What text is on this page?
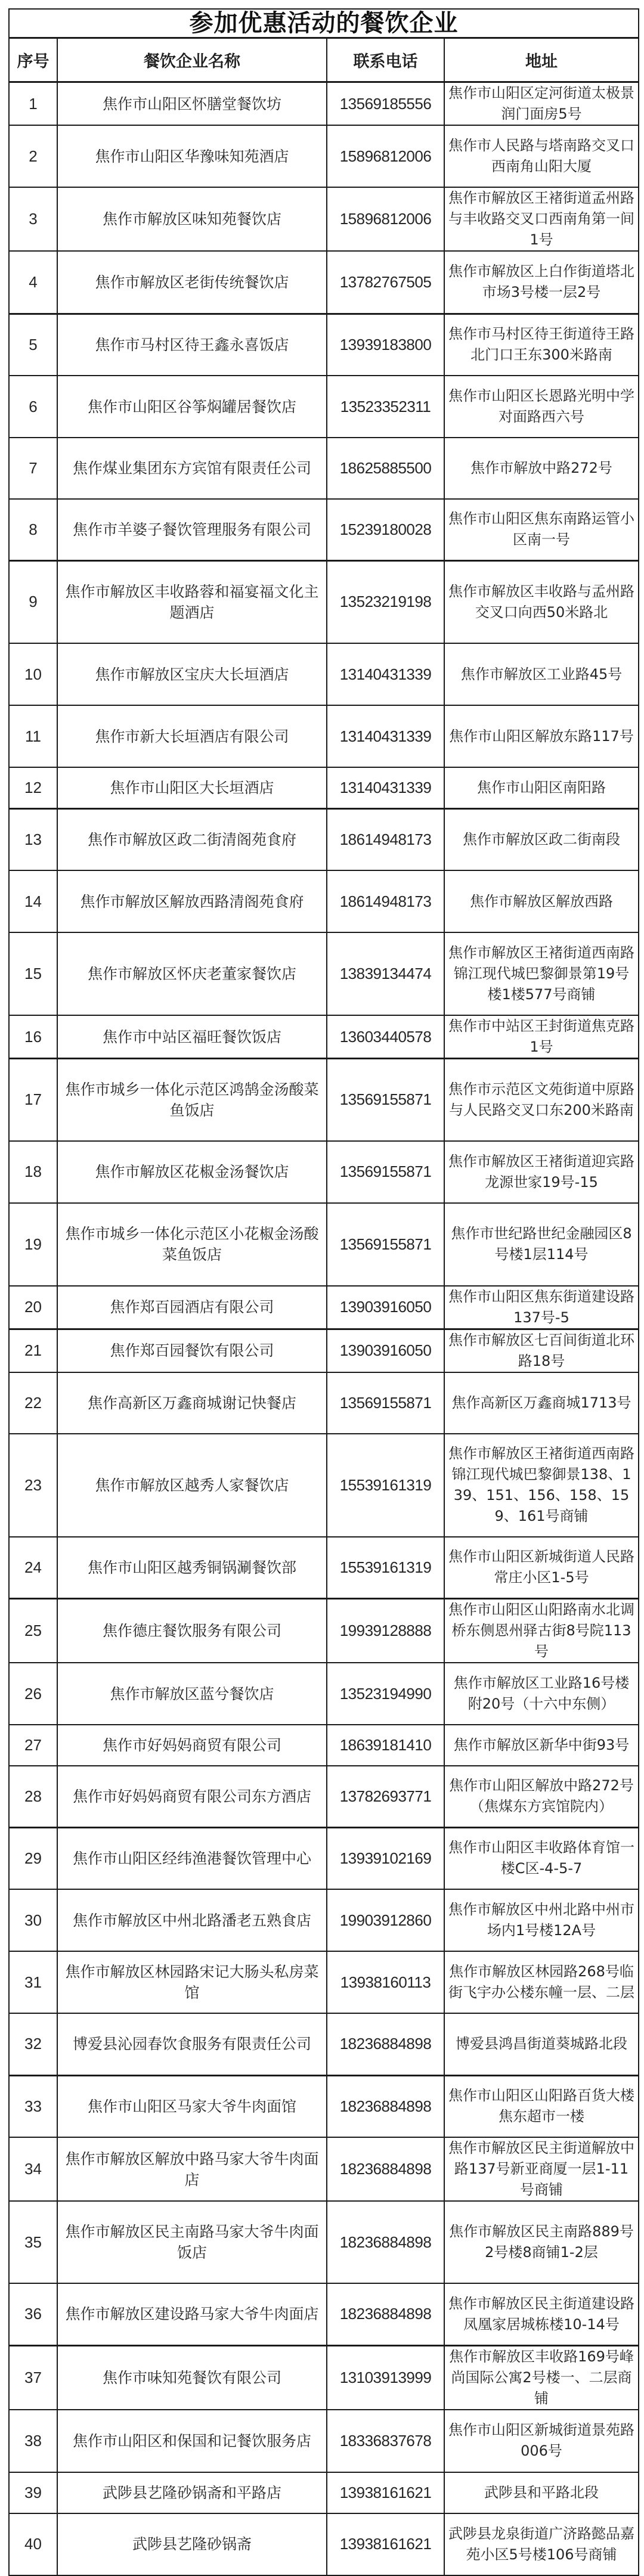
参加优惠活动的餐饮企业			
序号	餐饮企业名称	联系电话	地址
1	焦作市山阳区怀膳堂餐饮坊	13569185556	焦作市山阳区定河街道太极景润门面房5号
2	焦作市山阳区华豫味知苑酒店	15896812006	焦作市人民路与塔南路交叉口西南角山阳大厦
3	焦作市解放区味知苑餐饮店	15896812006	焦作市解放区王褚街道孟州路与丰收路交叉口西南角第一间1号
4	焦作市解放区老街传统餐饮店	13782767505	焦作市解放区上白作街道塔北市场3号楼一层2号
5	焦作市马村区待王鑫永喜饭店	13939183800	焦作市马村区待王街道待王路北门口王东300米路南
6	焦作市山阳区谷筝焖罐居餐饮店	13523352311	焦作市山阳区长恩路光明中学对面路西六号
7	焦作煤业集团东方宾馆有限责任公司	18625885500	焦作市解放中路272号
8	焦作市羊婆子餐饮管理服务有限公司	15239180028	焦作市山阳区焦东南路运管小区南一号
9	焦作市解放区丰收路蓉和福宴福文化主题酒店	13523219198	焦作市解放区丰收路与孟州路交叉口向西50米路北
10	焦作市解放区宝庆大长垣酒店	13140431339	焦作市解放区工业路45号
11	焦作市新大长垣酒店有限公司	13140431339	焦作市山阳区解放东路117号
12	焦作市山阳区大长垣酒店	13140431339	焦作市山阳区南阳路
13	焦作市解放区政二街清阁苑食府	18614948173	焦作市解放区政二街南段
14	焦作市解放区解放西路清阁苑食府	18614948173	焦作市解放区解放西路
15	焦作市解放区怀庆老董家餐饮店	13839134474	焦作市解放区王褚街道西南路锦江现代城巴黎御景第19号楼1楼577号商铺
16	焦作市中站区福旺餐饮饭店	13603440578	焦作市中站区王封街道焦克路1号
17	焦作市城乡一体化示范区鸿鹄金汤酸菜鱼饭店	13569155871	焦作市示范区文苑街道中原路与人民路交叉口东200米路南
18	焦作市解放区花椒金汤餐饮店	13569155871	焦作市解放区王褚街道迎宾路龙源世家19号-15
19	焦作市城乡一体化示范区小花椒金汤酸菜鱼饭店	13569155871	焦作市世纪路世纪金融园区8号楼1层114号
20	焦作郑百园酒店有限公司	13903916050	焦作市山阳区焦东街道建设路137号-5
21	焦作郑百园餐饮有限公司	13903916050	焦作市解放区七百间街道北环路18号
22	焦作高新区万鑫商城谢记快餐店	13569155871	焦作高新区万鑫商城1713号
23	焦作市解放区越秀人家餐饮店	15539161319	焦作市解放区王褚街道西南路锦江现代城巴黎御景138、139、151、156、158、159、161号商铺
24	焦作市山阳区越秀铜锅涮餐饮部	15539161319	焦作市山阳区新城街道人民路常庄小区1-5号
25	焦作德庄餐饮服务有限公司	19939128888	焦作市山阳区山阳路南水北调桥东侧恩州驿古街8号院113号
26	焦作市解放区蓝兮餐饮店	13523194990	焦作市解放区工业路16号楼附20号（十六中东侧）
27	焦作市好妈妈商贸有限公司	18639181410	焦作市解放区新华中街93号
28	焦作市好妈妈商贸有限公司东方酒店	13782693771	焦作市山阳区解放中路272号（焦煤东方宾馆院内）
29	焦作市山阳区经纬渔港餐饮管理中心	13939102169	焦作市山阳区丰收路体育馆一楼C区-4-5-7
30	焦作市解放区中州北路潘老五熟食店	19903912860	焦作市解放区中州北路中州市场内1号楼12A号
31	焦作市解放区林园路宋记大肠头私房菜馆	13938160113	焦作市解放区林园路268号临街飞宇办公楼东幢一层、二层
32	博爱县沁园春饮食服务有限责任公司	18236884898	博爱县鸿昌街道葵城路北段
33	焦作市山阳区马家大爷牛肉面馆	18236884898	焦作市山阳区山阳路百货大楼焦东超市一楼
34	焦作市解放区解放中路马家大爷牛肉面店	18236884898	焦作市解放区民主街道解放中路137号新亚商厦一层1-11号商铺
35	焦作市解放区民主南路马家大爷牛肉面饭店	18236884898	焦作市解放区民主南路889号2号楼8商铺1-2层
36	焦作市解放区建设路马家大爷牛肉面店	18236884898	焦作市解放区民主街道建设路凤凰家居城栋楼10-14号
37	焦作市味知苑餐饮有限公司	13103913999	焦作市解放区丰收路169号峰尚国际公寓2号楼一、二层商铺
38	焦作市山阳区和保国和记餐饮服务店	18336837678	焦作市山阳区新城街道景苑路006号
39	武陟县艺隆砂锅斋和平路店	13938161621	武陟县和平路北段
40	武陟县艺隆砂锅斋	13938161621	武陟县龙泉街道广济路懿品嘉苑小区5号楼106号商铺
